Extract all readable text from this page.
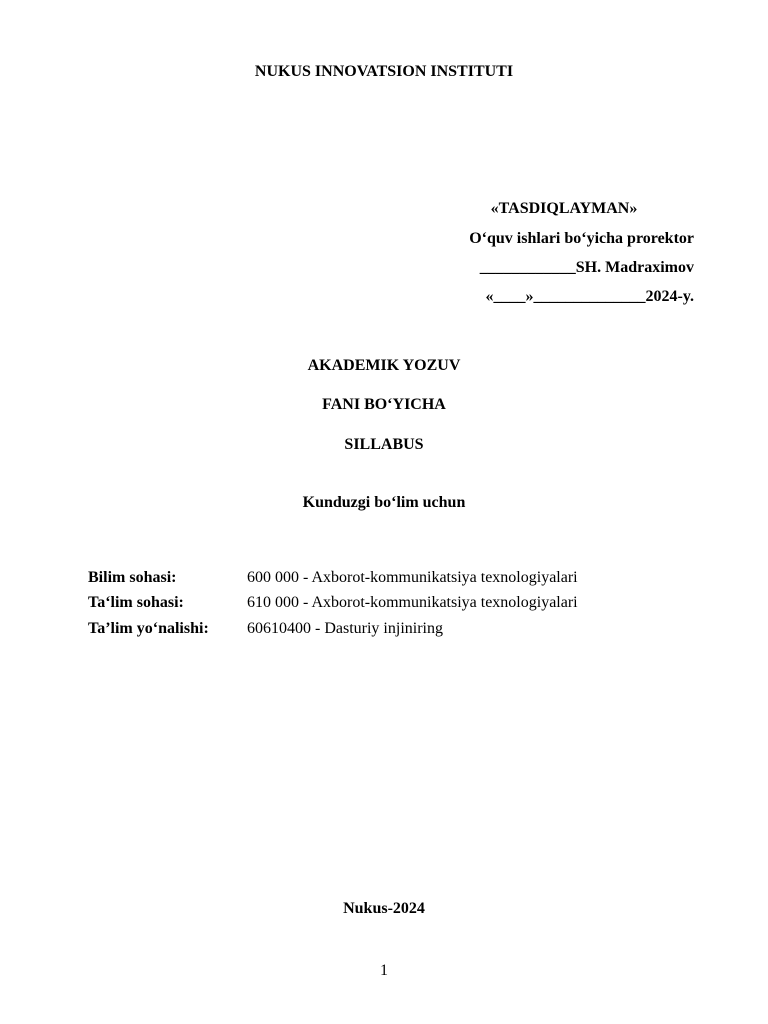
NUKUS INNOVATSION INSTITUTI
«TASDIQLAYMAN»
O‘quv ishlari bo‘yicha prorektor
____________SH. Madraximov
«____»______________2024-y.
AKADEMIK YOZUV
FANI BO‘YICHA
SILLABUS
Kunduzgi bo‘lim uchun
Bilim sohasi:	600 000 - Axborot-kommunikatsiya texnologiyalari
Ta‘lim sohasi:	610 000 - Axborot-kommunikatsiya texnologiyalari
Ta’lim yo‘nalishi: 60610400 - Dasturiy injiniring
Nukus-2024
1
